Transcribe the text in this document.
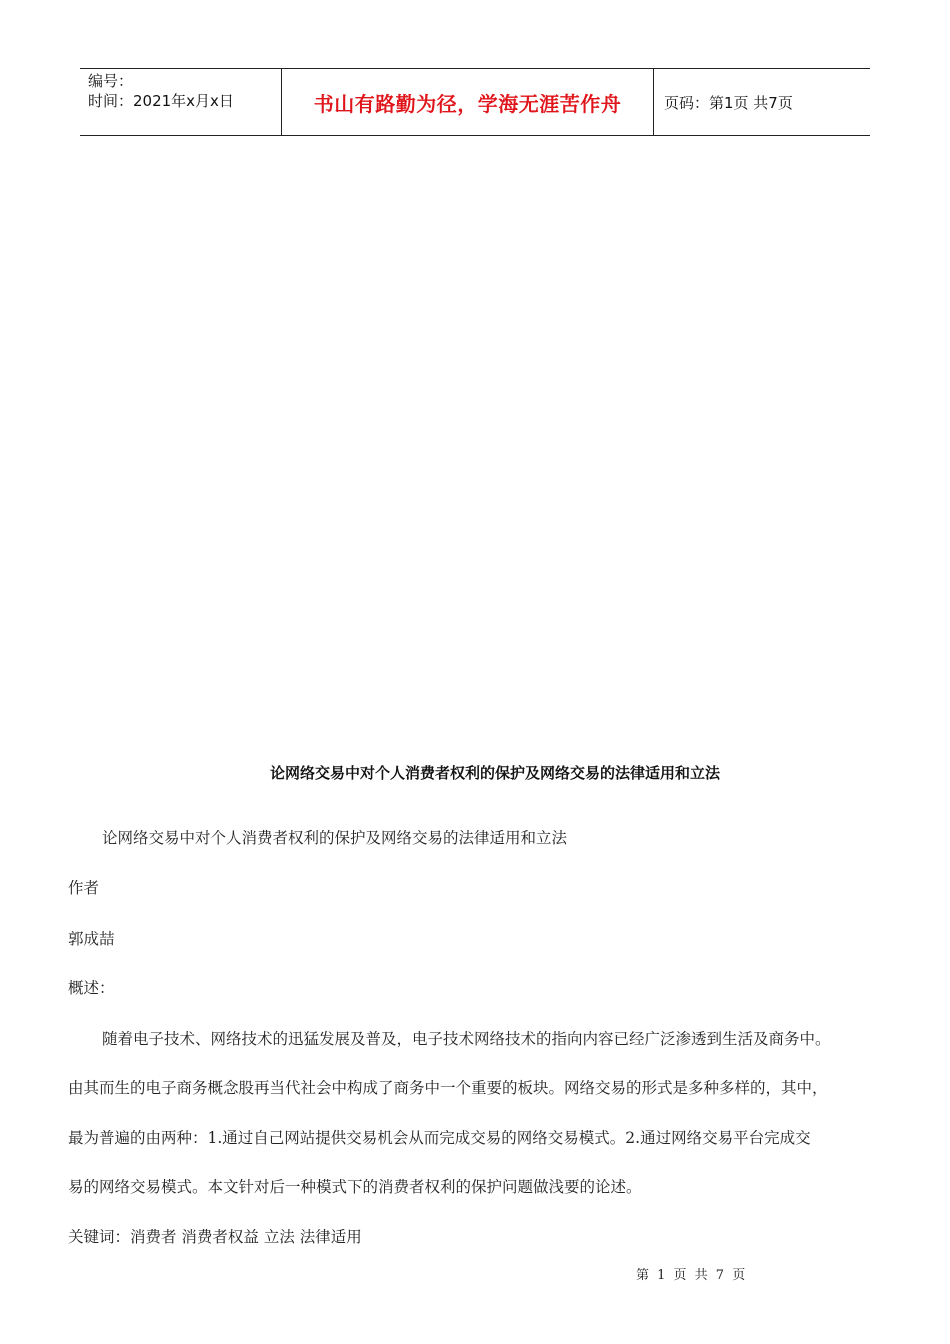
编号：
时间：2021年x月x日	书山有路勤为径，学海无涯苦作舟	页码：第1页 共7页
论网络交易中对个人消费者权利的保护及网络交易的法律适用和立法
论网络交易中对个人消费者权利的保护及网络交易的法律适用和立法
作者
郭成喆
概述：
随着电子技术、网络技术的迅猛发展及普及，电子技术网络技术的指向内容已经广泛渗透到生活及商务中。
由其而生的电子商务概念股再当代社会中构成了商务中一个重要的板块。网络交易的形式是多种多样的，其中，
最为普遍的由两种：1.通过自己网站提供交易机会从而完成交易的网络交易模式。2.通过网络交易平台完成交
易的网络交易模式。本文针对后一种模式下的消费者权利的保护问题做浅要的论述。
关键词：消费者 消费者权益 立法 法律适用
第 1 页 共 7 页
